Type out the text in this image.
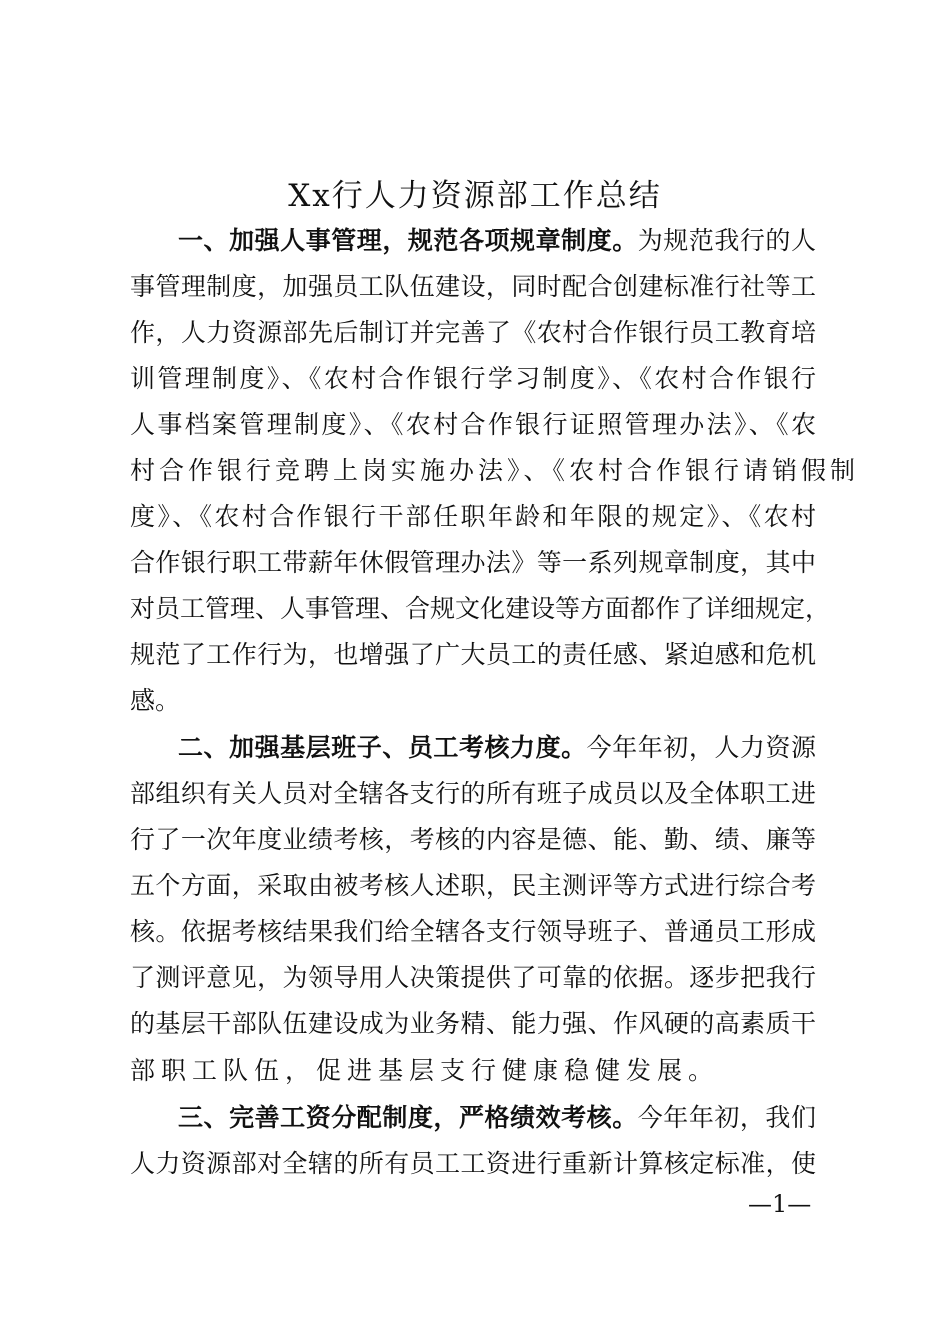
Xx行人力资源部工作总结
一、加强人事管理，规范各项规章制度。为规范我行的人
事管理制度，加强员工队伍建设，同时配合创建标准行社等工
作，人力资源部先后制订并完善了《农村合作银行员工教育培
训管理制度》、《农村合作银行学习制度》、《农村合作银行
人事档案管理制度》、《农村合作银行证照管理办法》、《农
村合作银行竞聘上岗实施办法》、《农村合作银行请销假制
度》、《农村合作银行干部任职年龄和年限的规定》、《农村
合作银行职工带薪年休假管理办法》等一系列规章制度，其中
对员工管理、人事管理、合规文化建设等方面都作了详细规定，
规范了工作行为，也增强了广大员工的责任感、紧迫感和危机
感。
二、加强基层班子、员工考核力度。今年年初，人力资源
部组织有关人员对全辖各支行的所有班子成员以及全体职工进
行了一次年度业绩考核，考核的内容是德、能、勤、绩、廉等
五个方面，采取由被考核人述职，民主测评等方式进行综合考
核。依据考核结果我们给全辖各支行领导班子、普通员工形成
了测评意见，为领导用人决策提供了可靠的依据。逐步把我行
的基层干部队伍建设成为业务精、能力强、作风硬的高素质干
部职工队伍，促进基层支行健康稳健发展。
三、完善工资分配制度，严格绩效考核。今年年初，我们
人力资源部对全辖的所有员工工资进行重新计算核定标准，使
—1—
